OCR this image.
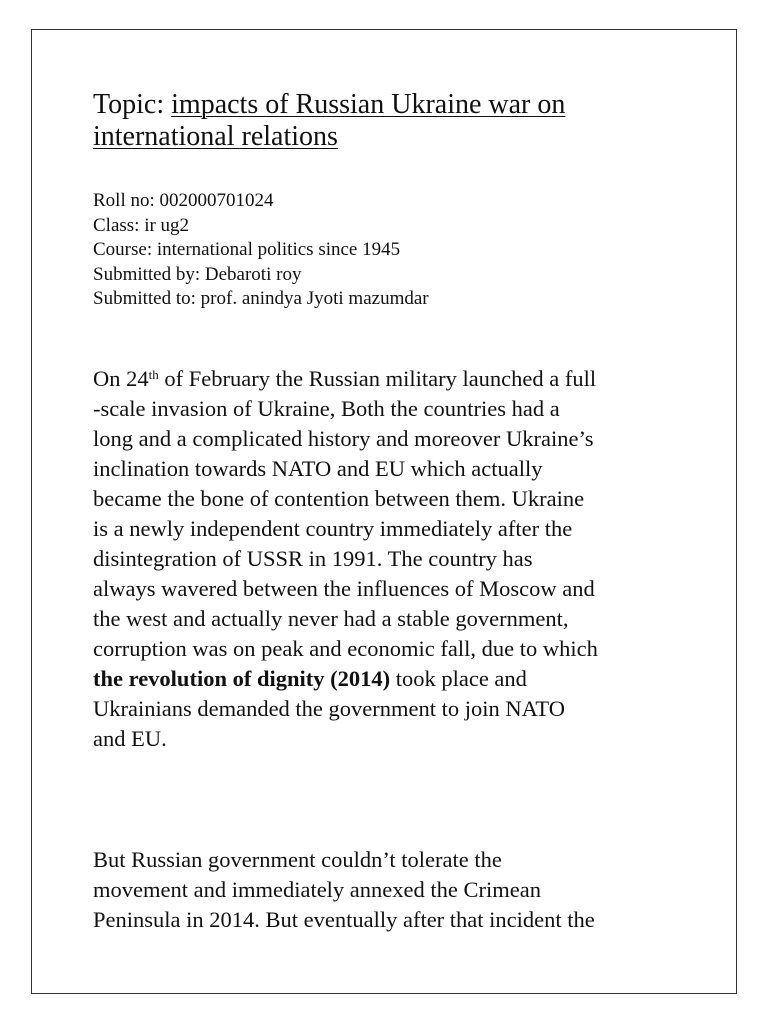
Topic: impacts of Russian Ukraine war on
international relations
Roll no: 002000701024
Class: ir ug2
Course: international politics since 1945
Submitted by: Debaroti roy
Submitted to: prof. anindya Jyoti mazumdar

On 24th of February the Russian military launched a full
-scale invasion of Ukraine, Both the countries had a
long and a complicated history and moreover Ukraine’s
inclination towards NATO and EU which actually
became the bone of contention between them. Ukraine
is a newly independent country immediately after the
disintegration of USSR in 1991. The country has
always wavered between the influences of Moscow and
the west and actually never had a stable government,
corruption was on peak and economic fall, due to which
the revolution of dignity (2014) took place and
Ukrainians demanded the government to join NATO
and EU.

But Russian government couldn’t tolerate the
movement and immediately annexed the Crimean
Peninsula in 2014. But eventually after that incident the
